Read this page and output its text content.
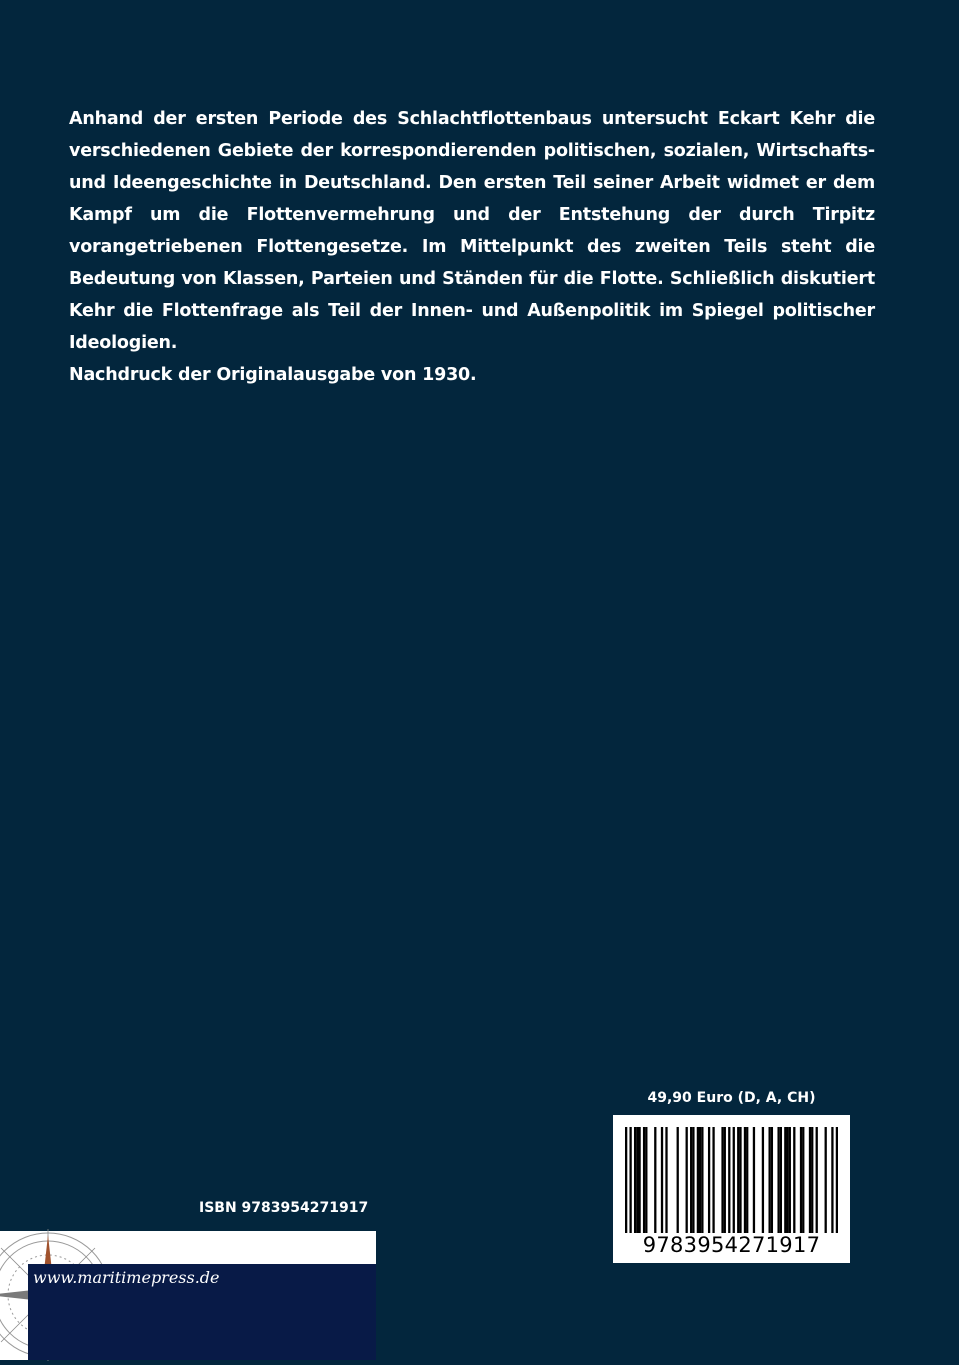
Anhand der ersten Periode des Schlachtflottenbaus untersucht Eckart Kehr die verschiedenen Gebiete der korrespondierenden politischen, sozialen, Wirtschafts- und Ideengeschichte in Deutschland. Den ersten Teil seiner Arbeit widmet er dem Kampf um die Flottenvermehrung und der Entstehung der durch Tirpitz vorangetriebenen Flottengesetze. Im Mittelpunkt des zweiten Teils steht die Bedeutung von Klassen, Parteien und Ständen für die Flotte. Schließlich diskutiert Kehr die Flottenfrage als Teil der Innen- und Außenpolitik im Spiegel politischer Ideologien.

Nachdruck der Originalausgabe von 1930.

49,90 Euro (D, A, CH)
9783954271917
ISBN 9783954271917
www.maritimepress.de
